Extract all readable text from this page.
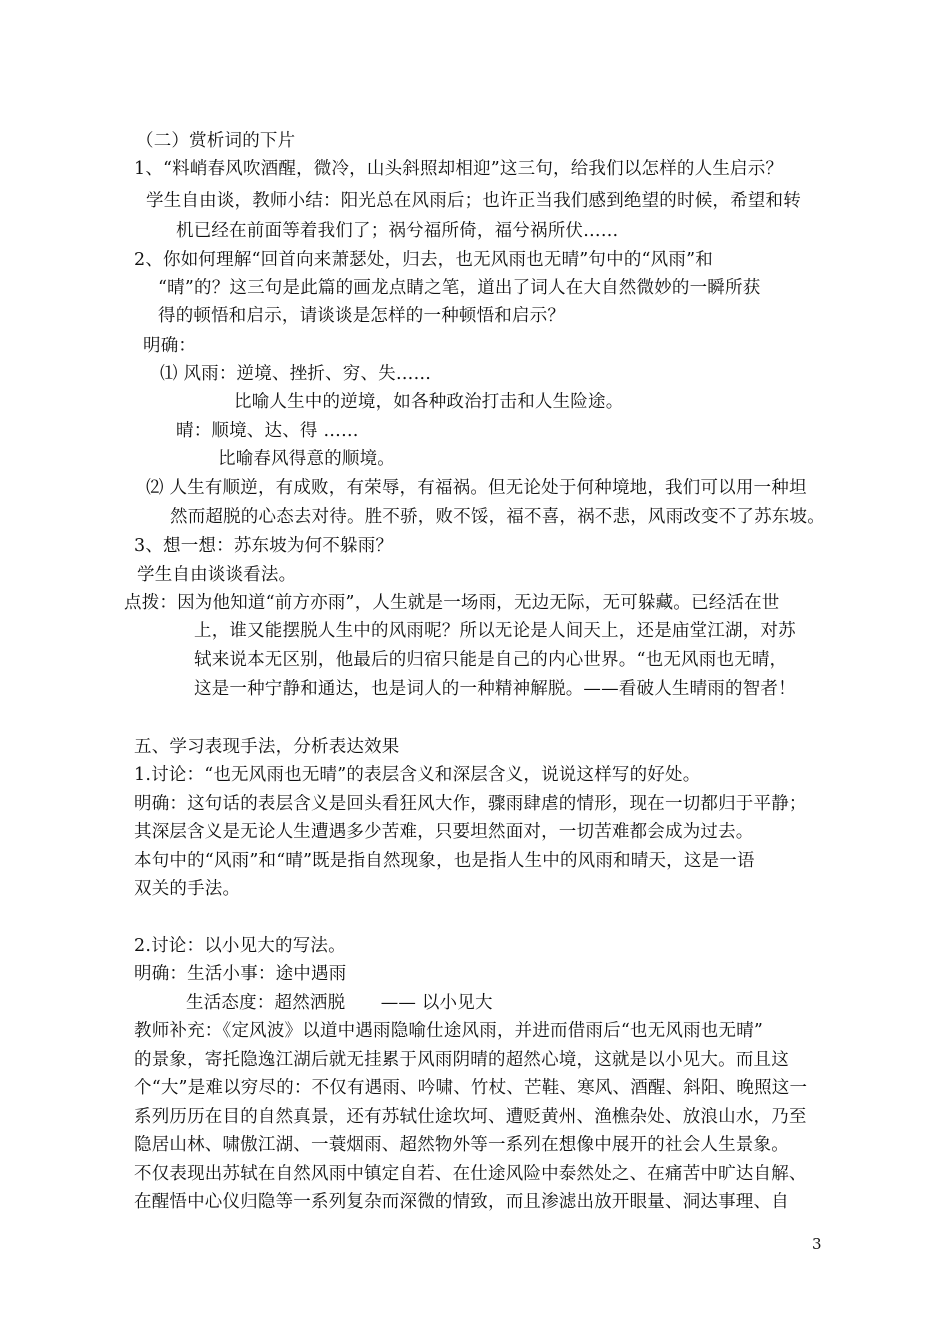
3
（二）赏析词的下片
1、“料峭春风吹酒醒，微冷，山头斜照却相迎”这三句，给我们以怎样的人生启示？
学生自由谈，教师小结：阳光总在风雨后；也许正当我们感到绝望的时候，希望和转
机已经在前面等着我们了；祸兮福所倚，福兮祸所伏……
2、你如何理解“回首向来萧瑟处，归去，也无风雨也无晴”句中的“风雨”和
“晴”的？这三句是此篇的画龙点睛之笔，道出了词人在大自然微妙的一瞬所获
得的顿悟和启示，请谈谈是怎样的一种顿悟和启示？
明确：
⑴ 风雨：逆境、挫折、穷、失……
比喻人生中的逆境，如各种政治打击和人生险途。
晴：顺境、达、得 ……
比喻春风得意的顺境。
⑵ 人生有顺逆，有成败，有荣辱，有福祸。但无论处于何种境地，我们可以用一种坦
然而超脱的心态去对待。胜不骄，败不馁，福不喜，祸不悲，风雨改变不了苏东坡。
3、想一想：苏东坡为何不躲雨？
学生自由谈谈看法。
点拨：因为他知道“前方亦雨”，人生就是一场雨，无边无际，无可躲藏。已经活在世
上，谁又能摆脱人生中的风雨呢？所以无论是人间天上，还是庙堂江湖，对苏
轼来说本无区别，他最后的归宿只能是自己的内心世界。“也无风雨也无晴，
这是一种宁静和通达，也是词人的一种精神解脱。——看破人生晴雨的智者！
五、学习表现手法，分析表达效果
1.讨论：“也无风雨也无晴”的表层含义和深层含义，说说这样写的好处。
明确：这句话的表层含义是回头看狂风大作，骤雨肆虐的情形，现在一切都归于平静；
其深层含义是无论人生遭遇多少苦难，只要坦然面对，一切苦难都会成为过去。
本句中的“风雨”和“晴”既是指自然现象，也是指人生中的风雨和晴天，这是一语
双关的手法。
2.讨论：以小见大的写法。
明确：生活小事：途中遇雨
生活态度：超然洒脱　　—— 以小见大
教师补充：《定风波》以道中遇雨隐喻仕途风雨，并进而借雨后“也无风雨也无晴”
的景象，寄托隐逸江湖后就无挂累于风雨阴晴的超然心境，这就是以小见大。而且这
个“大”是难以穷尽的：不仅有遇雨、吟啸、竹杖、芒鞋、寒风、酒醒、斜阳、晚照这一
系列历历在目的自然真景，还有苏轼仕途坎坷、遭贬黄州、渔樵杂处、放浪山水，乃至
隐居山林、啸傲江湖、一蓑烟雨、超然物外等一系列在想像中展开的社会人生景象。
不仅表现出苏轼在自然风雨中镇定自若、在仕途风险中泰然处之、在痛苦中旷达自解、
在醒悟中心仪归隐等一系列复杂而深微的情致，而且渗滤出放开眼量、洞达事理、自
